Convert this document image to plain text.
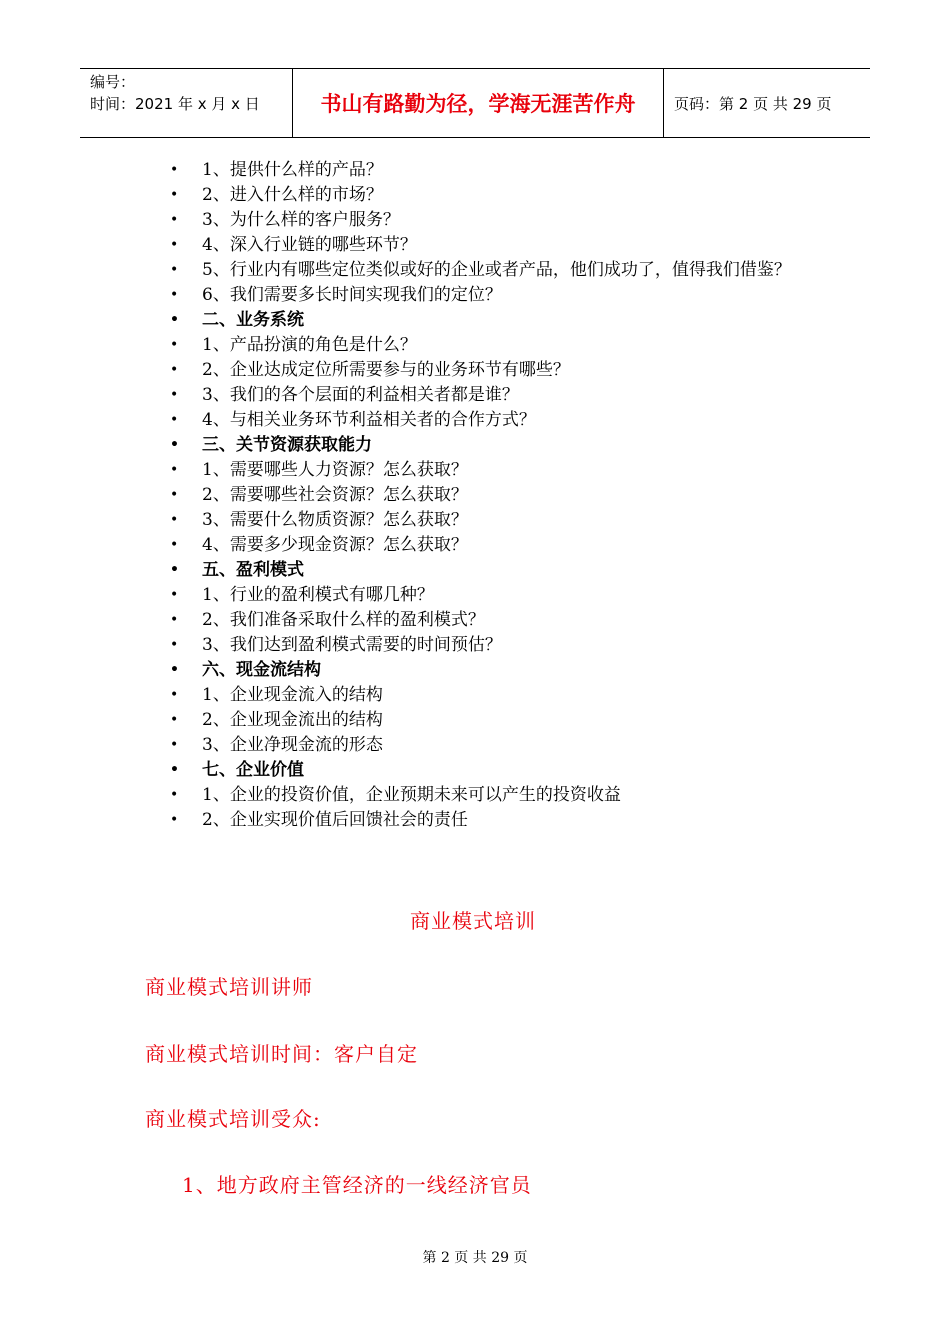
编号：
时间：2021 年 x 月 x 日	书山有路勤为径，学海无涯苦作舟	页码：第 2 页 共 29 页
• 1、提供什么样的产品？
• 2、进入什么样的市场？
• 3、为什么样的客户服务？
• 4、深入行业链的哪些环节？
• 5、行业内有哪些定位类似或好的企业或者产品，他们成功了，值得我们借鉴？
• 6、我们需要多长时间实现我们的定位？
• 二、业务系统
• 1、产品扮演的角色是什么？
• 2、企业达成定位所需要参与的业务环节有哪些？
• 3、我们的各个层面的利益相关者都是谁？
• 4、与相关业务环节利益相关者的合作方式？
• 三、关节资源获取能力
• 1、需要哪些人力资源？怎么获取？
• 2、需要哪些社会资源？怎么获取？
• 3、需要什么物质资源？怎么获取？
• 4、需要多少现金资源？怎么获取？
• 五、盈利模式
• 1、行业的盈利模式有哪几种？
• 2、我们准备采取什么样的盈利模式？
• 3、我们达到盈利模式需要的时间预估？
• 六、现金流结构
• 1、企业现金流入的结构
• 2、企业现金流出的结构
• 3、企业净现金流的形态
• 七、企业价值
• 1、企业的投资价值，企业预期未来可以产生的投资收益
• 2、企业实现价值后回馈社会的责任
商业模式培训
商业模式培训讲师
商业模式培训时间：客户自定
商业模式培训受众:
1、地方政府主管经济的一线经济官员
第 2 页 共 29 页
